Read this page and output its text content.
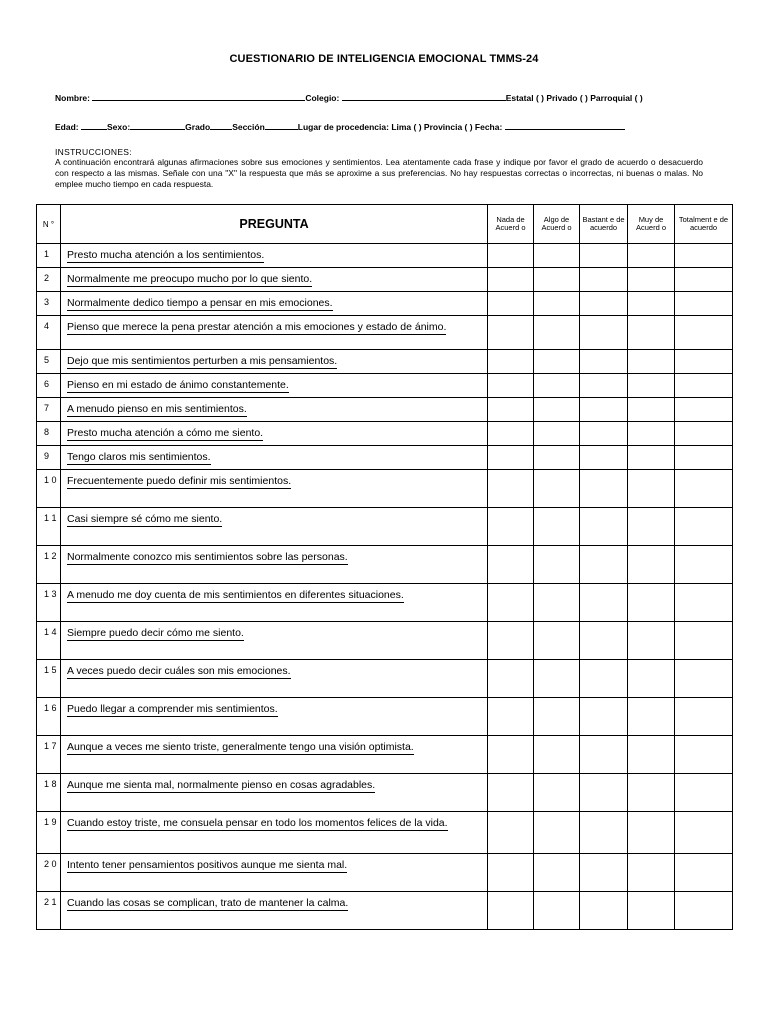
CUESTIONARIO DE INTELIGENCIA EMOCIONAL TMMS-24
Nombre:	Colegio:	Estatal ( ) Privado ( ) Parroquial ( )
Edad:	Sexo:	Grado	Sección	Lugar de procedencia: Lima ( ) Provincia ( ) Fecha:
INSTRUCCIONES:
A continuación encontrará algunas afirmaciones sobre sus emociones y sentimientos. Lea atentamente cada frase y indique por favor el grado de acuerdo o desacuerdo con respecto a las mismas. Señale con una "X" la respuesta que más se aproxime a sus preferencias. No hay respuestas correctas o incorrectas, ni buenas o malas. No emplee mucho tiempo en cada respuesta.
N °	PREGUNTA	Nada de Acuerd o	Algo de Acuerd o	Bastant e de acuerdo	Muy de Acuerd o	Totalment e de acuerdo
1	Presto mucha atención a los sentimientos.					
2	Normalmente me preocupo mucho por lo que siento.					
3	Normalmente dedico tiempo a pensar en mis emociones.					
4	Pienso que merece la pena prestar atención a mis emociones y estado de ánimo.					
5	Dejo que mis sentimientos perturben a mis pensamientos.					
6	Pienso en mi estado de ánimo constantemente.					
7	A menudo pienso en mis sentimientos.					
8	Presto mucha atención a cómo me siento.					
9	Tengo claros mis sentimientos.					
1 0	Frecuentemente puedo definir mis sentimientos.					
1 1	Casi siempre sé cómo me siento.					
1 2	Normalmente conozco mis sentimientos sobre las personas.					
1 3	A menudo me doy cuenta de mis sentimientos en diferentes situaciones.					
1 4	Siempre puedo decir cómo me siento.					
1 5	A veces puedo decir cuáles son mis emociones.					
1 6	Puedo llegar a comprender mis sentimientos.					
1 7	Aunque a veces me siento triste, generalmente tengo una visión optimista.					
1 8	Aunque me sienta mal, normalmente pienso en cosas agradables.					
1 9	Cuando estoy triste, me consuela pensar en todo los momentos felices de la vida.					
2 0	Intento tener pensamientos positivos aunque me sienta mal.					
2 1	Cuando las cosas se complican, trato de mantener la calma.					
